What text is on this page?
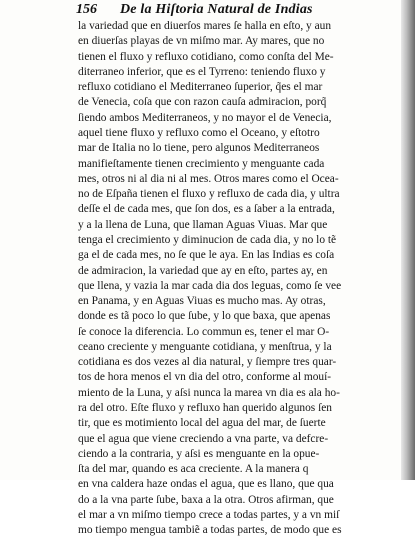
156 De la Hiſtoria Natural de Indias
la variedad que en diuerſos mares ſe halla en eſto, y aun
en diuerſas playas de vn miſmo mar. Ay mares, que no
tienen el fluxo y refluxo cotidiano, como conſta del Me-
diterraneo inferior, que es el Tyrreno: teniendo fluxo y
refluxo cotidiano el Mediterraneo ſuperior, q̃es el mar
de Venecia, coſa que con razon cauſa admiracion, porq̃
ſiendo ambos Mediterraneos, y no mayor el de Venecia,
aquel tiene fluxo y refluxo como el Oceano, y eſtotro
mar de Italia no lo tiene, pero algunos Mediterraneos
manifieſtamente tienen crecimiento y menguante cada
mes, otros ni al dia ni al mes. Otros mares como el Ocea-
no de Eſpaña tienen el fluxo y refluxo de cada dia, y ultra
deſſe el de cada mes, que ſon dos, es a ſaber a la entrada,
y a la llena de Luna, que llaman Aguas Viuas. Mar que
tenga el crecimiento y diminucion de cada dia, y no lo tẽ
ga el de cada mes, no ſe que le aya. En las Indias es coſa
de admiracion, la variedad que ay en eſto, partes ay, en
que llena, y vazia la mar cada dia dos leguas, como ſe vee
en Panama, y en Aguas Viuas es mucho mas. Ay otras,
donde es tã poco lo que ſube, y lo que baxa, que apenas
ſe conoce la diferencia. Lo commun es, tener el mar O-
ceano creciente y menguante cotidiana, y menſtrua, y la
cotidiana es dos vezes al dia natural, y ſiempre tres quar-
tos de hora menos el vn dia del otro, conforme al mouí-
miento de la Luna, y aſsi nunca la marea vn dia es ala ho-
ra del otro. Eſte fluxo y refluxo han querido algunos ſen
tir, que es motimiento local del agua del mar, de ſuerte
que el agua que viene creciendo a vna parte, va defcre-
ciendo a la contraria, y aſsi es menguante en la opue-
ſta del mar, quando es aca creciente. A la manera q
en vna caldera haze ondas el agua, que es llano, que qua
do a la vna parte ſube, baxa a la otra. Otros afirman, que
el mar a vn miſmo tiempo crece a todas partes, y a vn miſ
mo tiempo mengua tambiẽ a todas partes, de modo que es
